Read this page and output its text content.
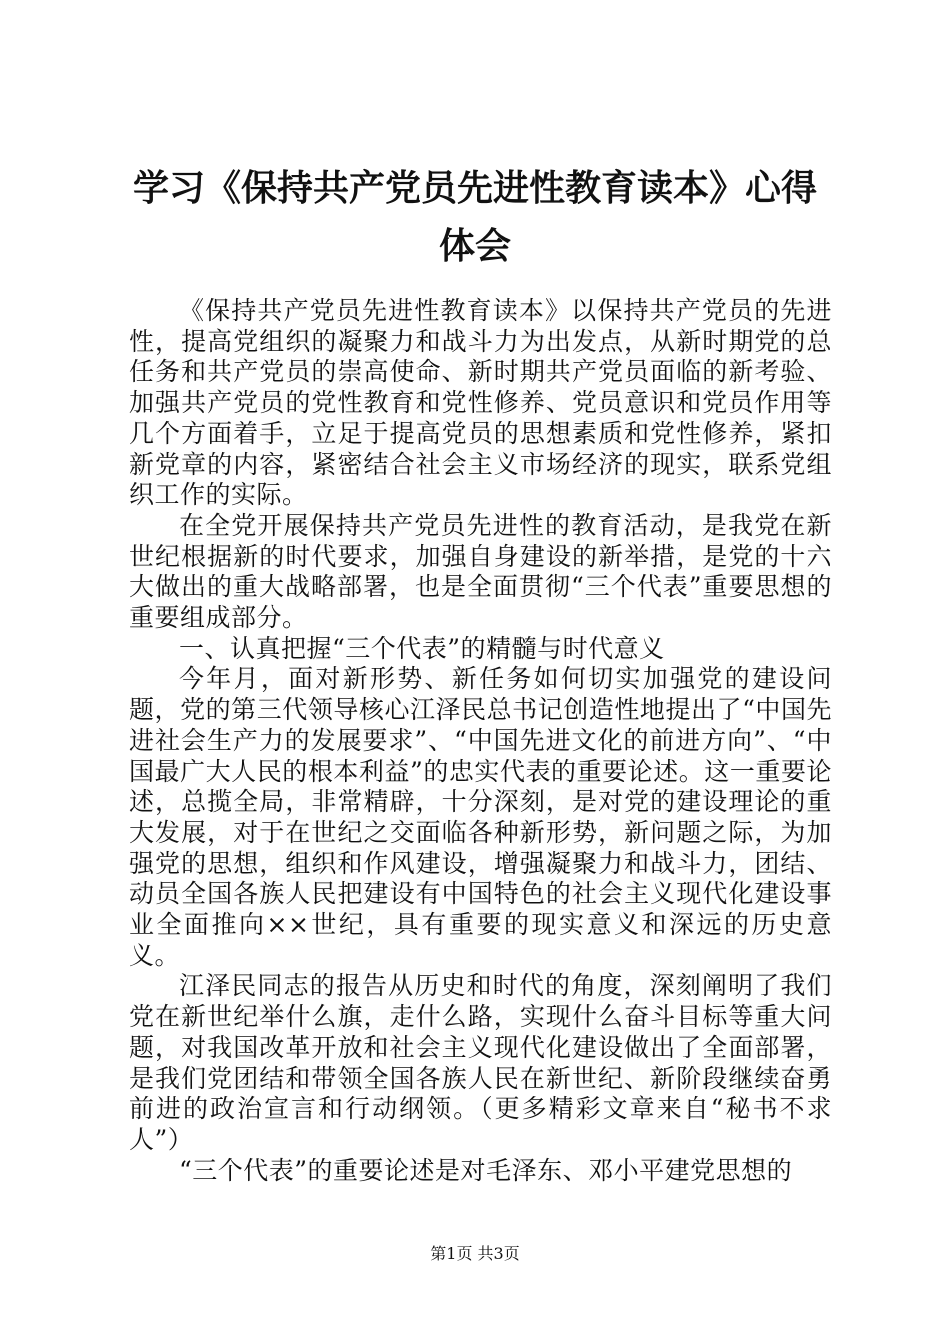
学习《保持共产党员先进性教育读本》心得体会

《保持共产党员先进性教育读本》以保持共产党员的先进性，提高党组织的凝聚力和战斗力为出发点，从新时期党的总任务和共产党员的崇高使命、新时期共产党员面临的新考验、加强共产党员的党性教育和党性修养、党员意识和党员作用等几个方面着手，立足于提高党员的思想素质和党性修养，紧扣新党章的内容，紧密结合社会主义市场经济的现实，联系党组织工作的实际。

在全党开展保持共产党员先进性的教育活动，是我党在新世纪根据新的时代要求，加强自身建设的新举措，是党的十六大做出的重大战略部署，也是全面贯彻“三个代表”重要思想的重要组成部分。

一、认真把握“三个代表”的精髓与时代意义

今年月，面对新形势、新任务如何切实加强党的建设问题，党的第三代领导核心江泽民总书记创造性地提出了“中国先进社会生产力的发展要求”、“中国先进文化的前进方向”、“中国最广大人民的根本利益”的忠实代表的重要论述。这一重要论述，总揽全局，非常精辟，十分深刻，是对党的建设理论的重大发展，对于在世纪之交面临各种新形势，新问题之际，为加强党的思想，组织和作风建设，增强凝聚力和战斗力，团结、动员全国各族人民把建设有中国特色的社会主义现代化建设事业全面推向××世纪，具有重要的现实意义和深远的历史意义。

江泽民同志的报告从历史和时代的角度，深刻阐明了我们党在新世纪举什么旗，走什么路，实现什么奋斗目标等重大问题，对我国改革开放和社会主义现代化建设做出了全面部署，是我们党团结和带领全国各族人民在新世纪、新阶段继续奋勇前进的政治宣言和行动纲领。（更多精彩文章来自“秘书不求人”）

“三个代表”的重要论述是对毛泽东、邓小平建党思想的

第1页 共3页
